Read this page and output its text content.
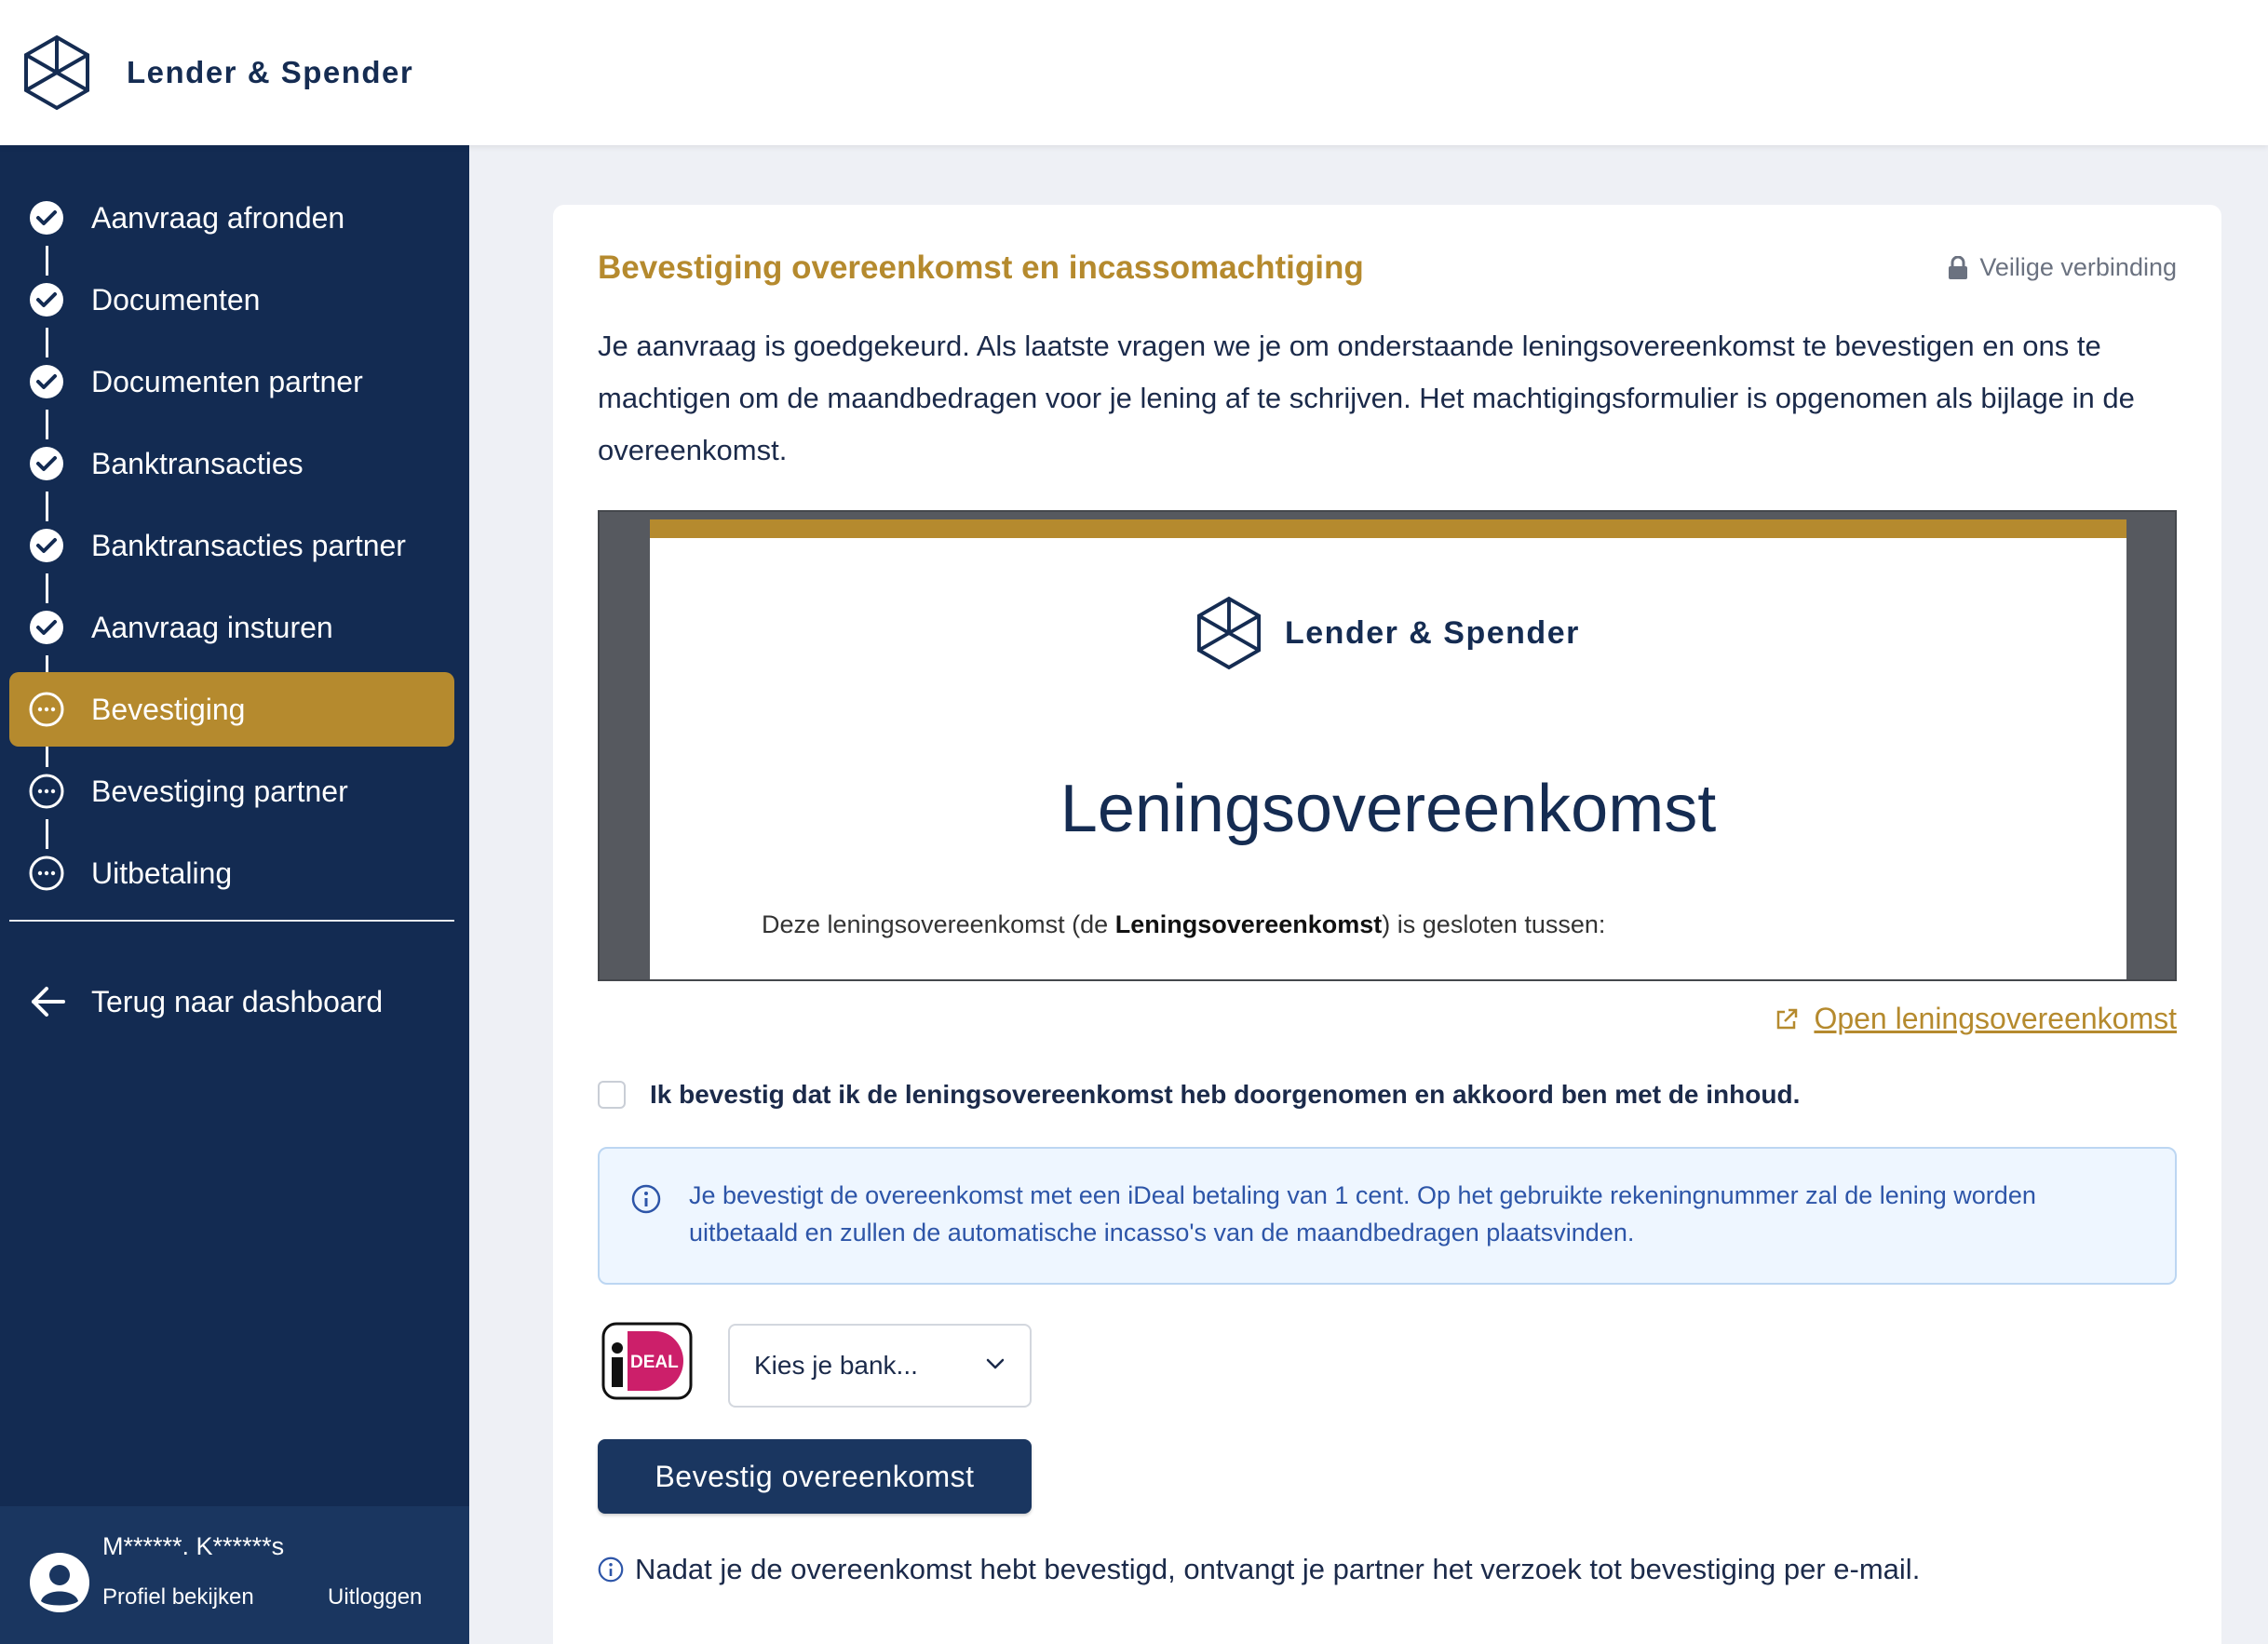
Lender & Spender
Aanvraag afronden
Documenten
Documenten partner
Banktransacties
Banktransacties partner
Aanvraag insturen
Bevestiging
Bevestiging partner
Uitbetaling
Terug naar dashboard
M******. K******s
Profiel bekijken	Uitloggen
Bevestiging overeenkomst en incassomachtiging	Veilige verbinding

Je aanvraag is goedgekeurd. Als laatste vragen we je om onderstaande leningsovereenkomst te bevestigen en ons te machtigen om de maandbedragen voor je lening af te schrijven. Het machtigingsformulier is opgenomen als bijlage in de overeenkomst.

Lender & Spender
Leningsovereenkomst
Deze leningsovereenkomst (de Leningsovereenkomst) is gesloten tussen:
Open leningsovereenkomst
Ik bevestig dat ik de leningsovereenkomst heb doorgenomen en akkoord ben met de inhoud.

Je bevestigt de overeenkomst met een iDeal betaling van 1 cent. Op het gebruikte rekeningnummer zal de lening worden uitbetaald en zullen de automatische incasso's van de maandbedragen plaatsvinden.

DEAL	Kies je bank...
Bevestig overeenkomst
Nadat je de overeenkomst hebt bevestigd, ontvangt je partner het verzoek tot bevestiging per e-mail.
